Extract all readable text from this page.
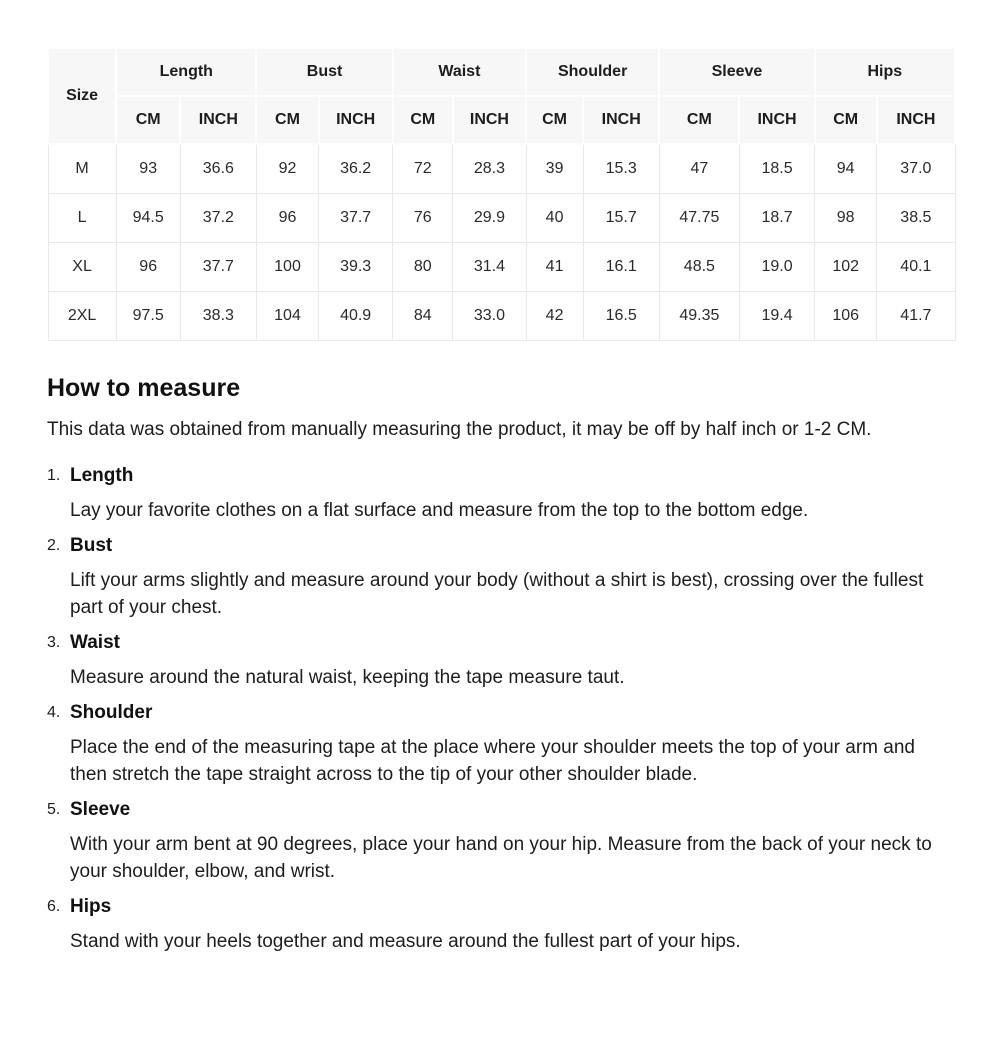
Size	Length		Bust		Waist		Shoulder		Sleeve		Hips	
	CM	INCH	CM	INCH	CM	INCH	CM	INCH	CM	INCH	CM	INCH
M	93	36.6	92	36.2	72	28.3	39	15.3	47	18.5	94	37.0
L	94.5	37.2	96	37.7	76	29.9	40	15.7	47.75	18.7	98	38.5
XL	96	37.7	100	39.3	80	31.4	41	16.1	48.5	19.0	102	40.1
2XL	97.5	38.3	104	40.9	84	33.0	42	16.5	49.35	19.4	106	41.7
How to measure

This data was obtained from manually measuring the product, it may be off by half inch or 1-2 CM.

1. Length
Lay your favorite clothes on a flat surface and measure from the top to the bottom edge.
2. Bust
Lift your arms slightly and measure around your body (without a shirt is best), crossing over the fullest part of your chest.
3. Waist
Measure around the natural waist, keeping the tape measure taut.
4. Shoulder
Place the end of the measuring tape at the place where your shoulder meets the top of your arm and then stretch the tape straight across to the tip of your other shoulder blade.
5. Sleeve
With your arm bent at 90 degrees, place your hand on your hip. Measure from the back of your neck to your shoulder, elbow, and wrist.
6. Hips
Stand with your heels together and measure around the fullest part of your hips.
